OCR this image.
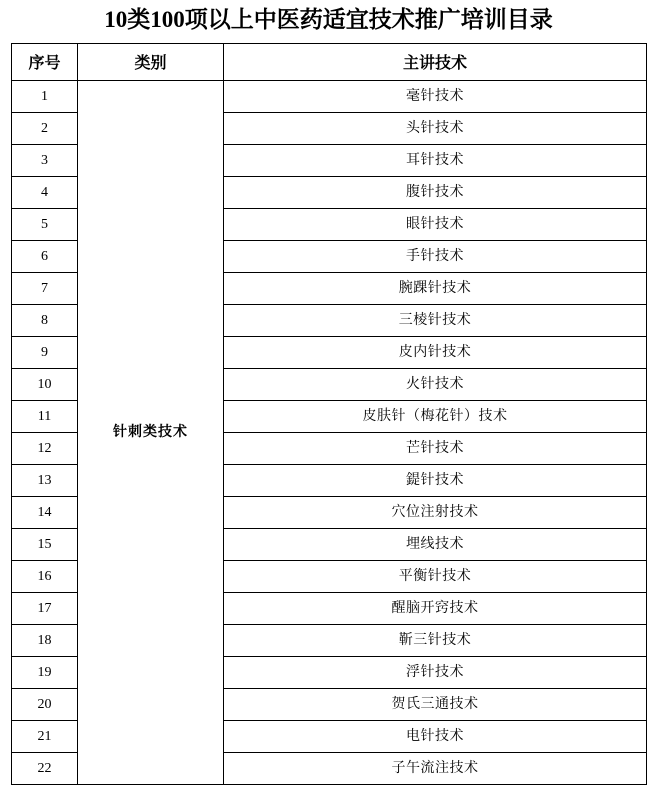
10类100项以上中医药适宜技术推广培训目录
序号	类别	主讲技术
1	针刺类技术	毫针技术
2		头针技术
3		耳针技术
4		腹针技术
5		眼针技术
6		手针技术
7		腕踝针技术
8		三棱针技术
9		皮内针技术
10		火针技术
11		皮肤针（梅花针）技术
12		芒针技术
13		鍉针技术
14		穴位注射技术
15		埋线技术
16		平衡针技术
17		醒脑开窍技术
18		靳三针技术
19		浮针技术
20		贺氏三通技术
21		电针技术
22		子午流注技术
